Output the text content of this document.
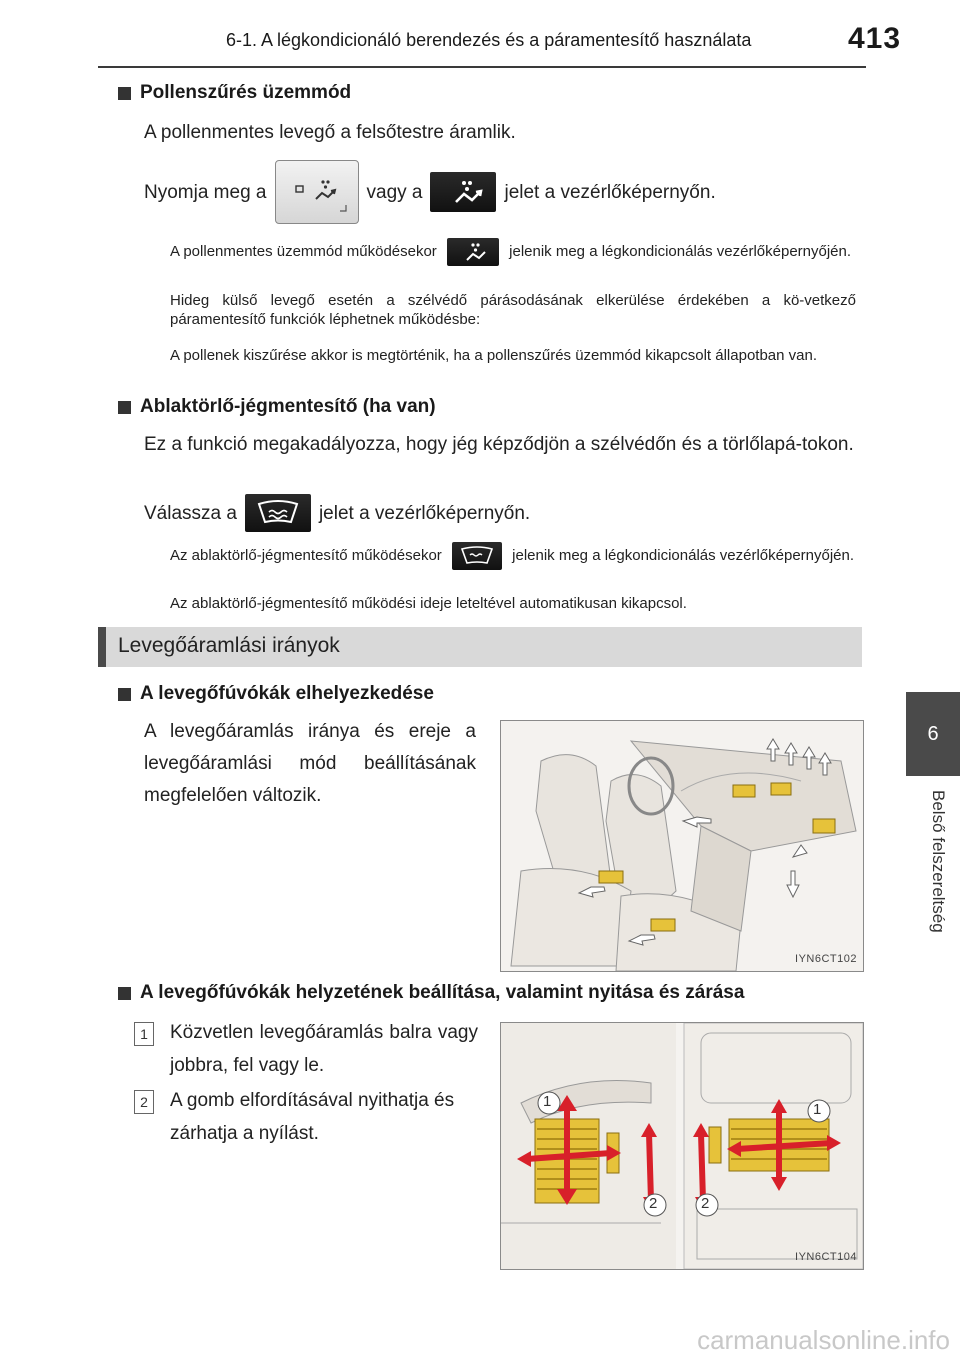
6-1. A légkondicionáló berendezés és a páramentesítő használata	413
6
Belső felszereltség
Pollenszűrés üzemmód
A pollenmentes levegő a felsőtestre áramlik.
Nyomja meg a	vagy a	jelet a vezérlőképernyőn.
A pollenmentes üzemmód működésekor	jelenik meg a légkondicionálás vezérlőképernyőjén.
Hideg külső levegő esetén a szélvédő párásodásának elkerülése érdekében a kö-vetkező páramentesítő funkciók léphetnek működésbe:
A pollenek kiszűrése akkor is megtörténik, ha a pollenszűrés üzemmód kikapcsolt állapotban van.
Ablaktörlő-jégmentesítő (ha van)
Ez a funkció megakadályozza, hogy jég képződjön a szélvédőn és a törlőlapá-tokon.
Válassza a	jelet a vezérlőképernyőn.
Az ablaktörlő-jégmentesítő működésekor	jelenik meg a légkondicionálás vezérlőképernyőjén.
Az ablaktörlő-jégmentesítő működési ideje leteltével automatikusan kikapcsol.
Levegőáramlási irányok
A levegőfúvókák elhelyezkedése
A levegőáramlás iránya és ereje a levegőáramlási mód beállításának megfelelően változik.
IYN6CT102
A levegőfúvókák helyzetének beállítása, valamint nyitása és zárása
1	Közvetlen levegőáramlás balra vagy jobbra, fel vagy le.
2	A gomb elfordításával nyithatja és zárhatja a nyílást.
1	1
2	2
IYN6CT104
carmanualsonline.info
